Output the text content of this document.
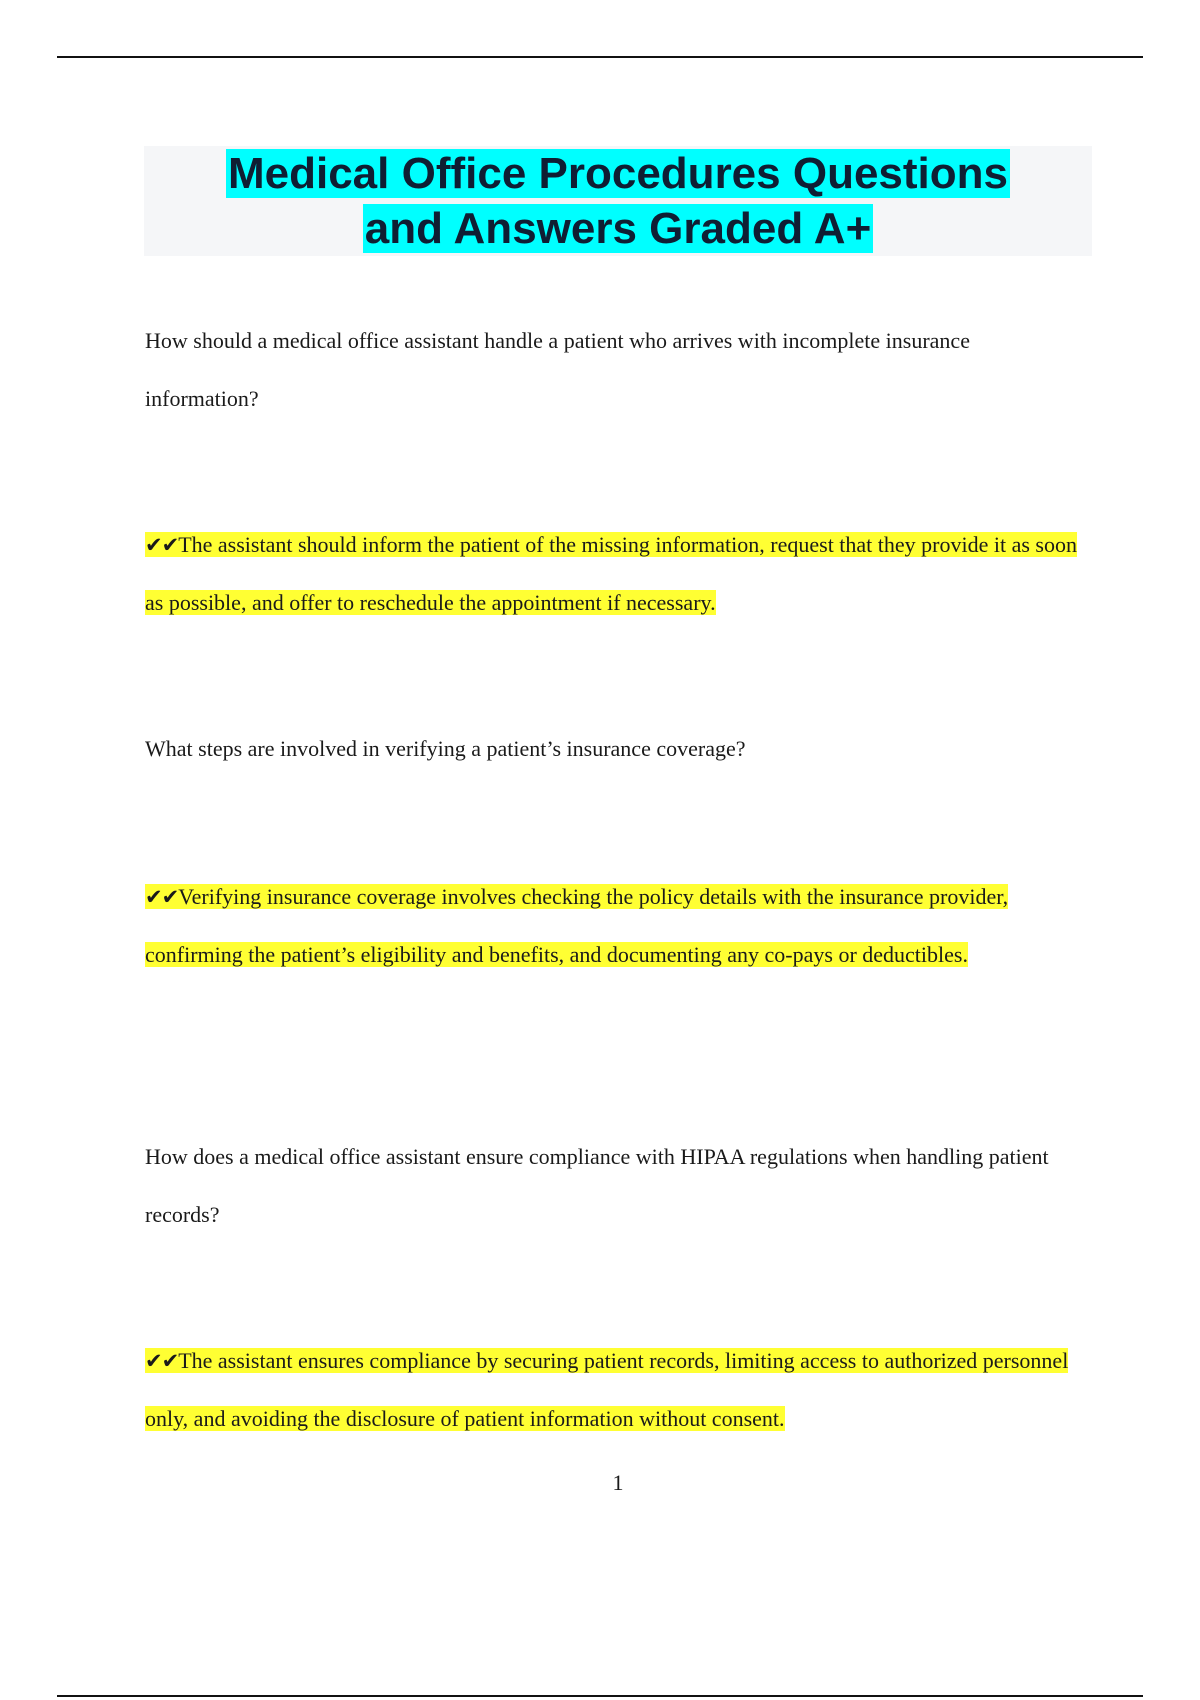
Medical Office Procedures Questions
and Answers Graded A+
How should a medical office assistant handle a patient who arrives with incomplete insurance information?
✔✔The assistant should inform the patient of the missing information, request that they provide it as soon as possible, and offer to reschedule the appointment if necessary.
What steps are involved in verifying a patient’s insurance coverage?
✔✔Verifying insurance coverage involves checking the policy details with the insurance provider, confirming the patient’s eligibility and benefits, and documenting any co-pays or deductibles.
How does a medical office assistant ensure compliance with HIPAA regulations when handling patient records?
✔✔The assistant ensures compliance by securing patient records, limiting access to authorized personnel only, and avoiding the disclosure of patient information without consent.
1
